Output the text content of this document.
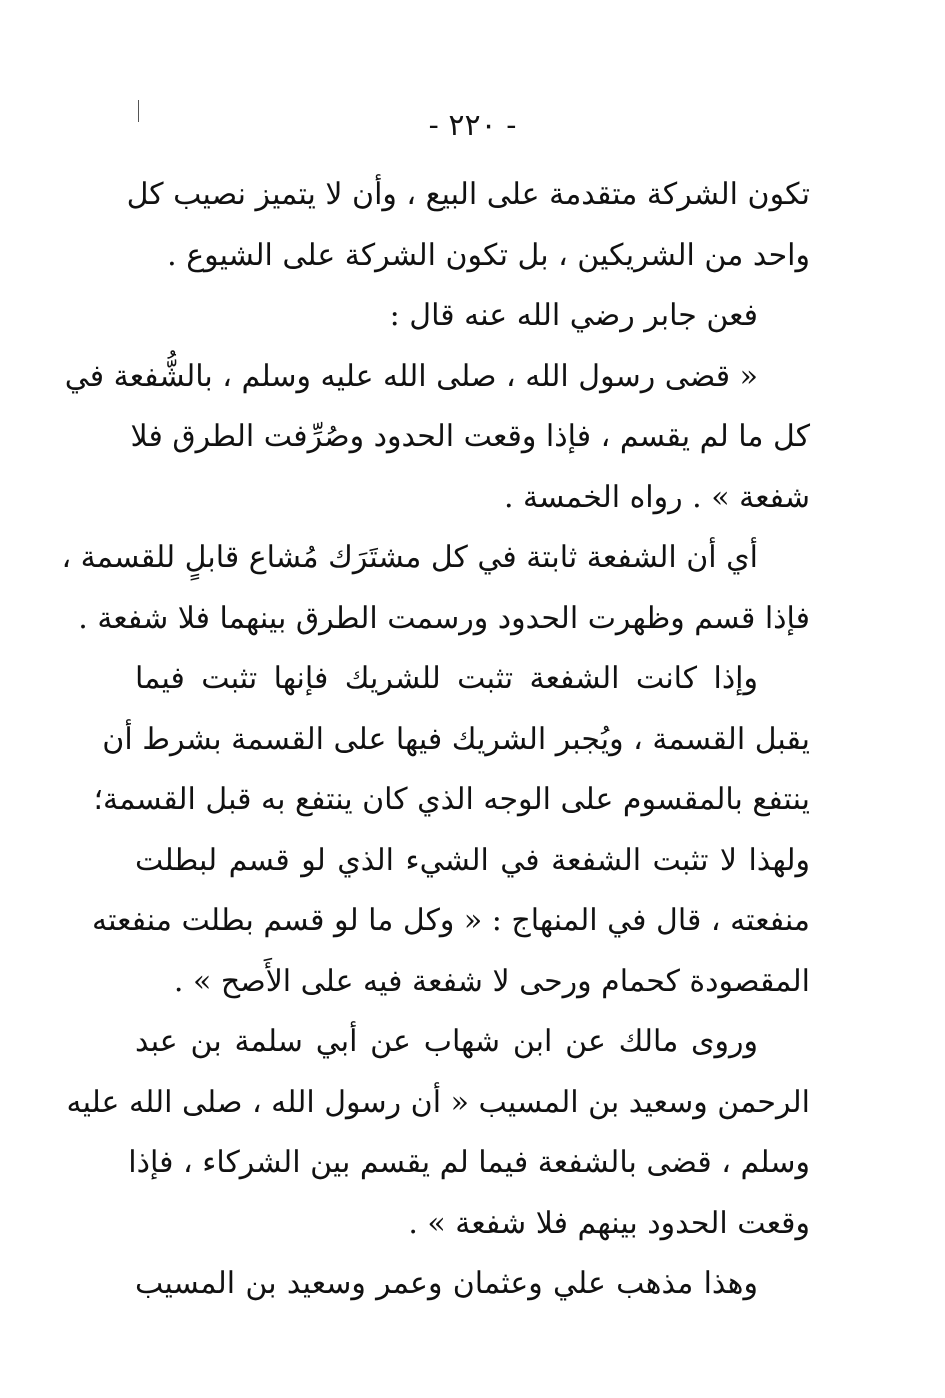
- ٢٢٠ -
تكون الشركة متقدمة على البيع ، وأن لا يتميز نصيب كل
واحد من الشريكين ، بل تكون الشركة على الشيوع .
فعن جابر رضي الله عنه قال :
« قضى رسول الله ، صلى الله عليه وسلم ، بالشُّفعة في
كل ما لم يقسم ، فإذا وقعت الحدود وصُرِّفت الطرق فلا
شفعة » . رواه الخمسة .
أي أن الشفعة ثابتة في كل مشتَرَك مُشاع قابلٍ للقسمة ،
فإذا قسم وظهرت الحدود ورسمت الطرق بينهما فلا شفعة .
وإذا كانت الشفعة تثبت للشريك فإنها تثبت فيما
يقبل القسمة ، ويُجبر الشريك فيها على القسمة بشرط أن
ينتفع بالمقسوم على الوجه الذي كان ينتفع به قبل القسمة؛
ولهذا لا تثبت الشفعة في الشيء الذي لو قسم لبطلت
منفعته ، قال في المنهاج : « وكل ما لو قسم بطلت منفعته
المقصودة كحمام ورحى لا شفعة فيه على الأَصح » .
وروى مالك عن ابن شهاب عن أبي سلمة بن عبد
الرحمن وسعيد بن المسيب « أن رسول الله ، صلى الله عليه
وسلم ، قضى بالشفعة فيما لم يقسم بين الشركاء ، فإذا
وقعت الحدود بينهم فلا شفعة » .
وهذا مذهب علي وعثمان وعمر وسعيد بن المسيب
